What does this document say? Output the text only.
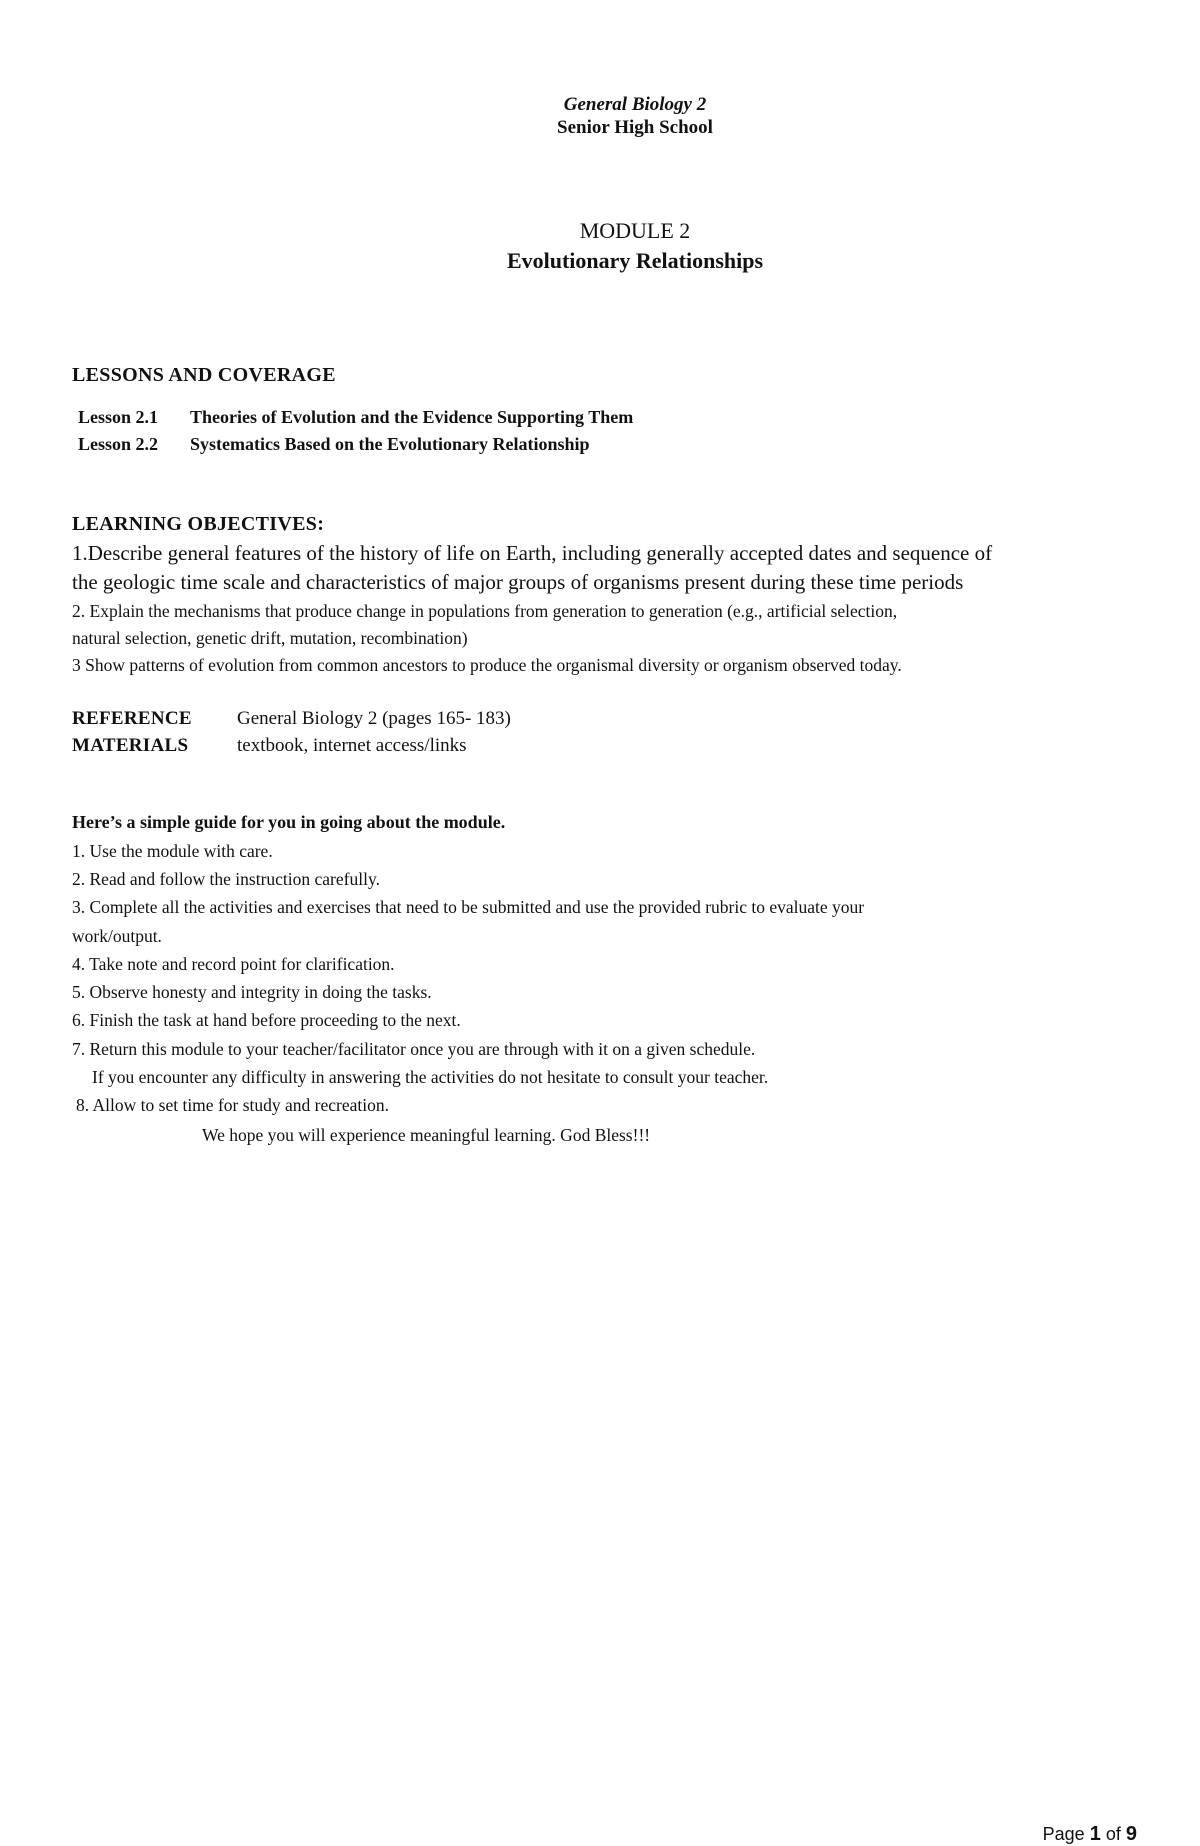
General Biology 2
Senior High School
MODULE 2
Evolutionary Relationships
LESSONS AND COVERAGE
Lesson 2.1 Theories of Evolution and the Evidence Supporting Them
Lesson 2.2 Systematics Based on the Evolutionary Relationship
LEARNING OBJECTIVES:
1.Describe general features of the history of life on Earth, including generally accepted dates and sequence of
the geologic time scale and characteristics of major groups of organisms present during these time periods
2. Explain the mechanisms that produce change in populations from generation to generation (e.g., artificial selection,
natural selection, genetic drift, mutation, recombination)
3 Show patterns of evolution from common ancestors to produce the organismal diversity or organism observed today.
REFERENCE General Biology 2 (pages 165- 183)
MATERIALS	textbook, internet access/links
Here’s a simple guide for you in going about the module.
1. Use the module with care.
2. Read and follow the instruction carefully.
3. Complete all the activities and exercises that need to be submitted and use the provided rubric to evaluate your
work/output.
4. Take note and record point for clarification.
5. Observe honesty and integrity in doing the tasks.
6. Finish the task at hand before proceeding to the next.
7. Return this module to your teacher/facilitator once you are through with it on a given schedule.
If you encounter any difficulty in answering the activities do not hesitate to consult your teacher.
8. Allow to set time for study and recreation.
We hope you will experience meaningful learning. God Bless!!!
Page 1 of 9
